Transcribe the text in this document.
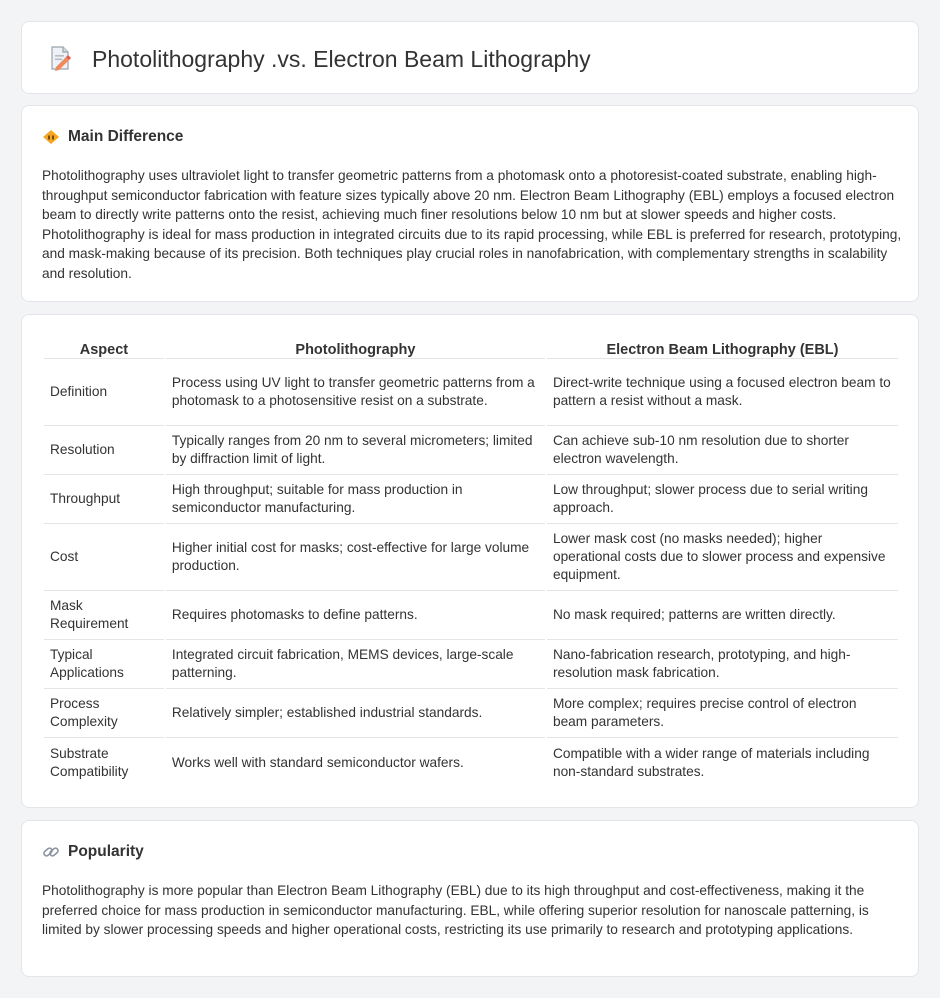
Photolithography .vs. Electron Beam Lithography
Main Difference

Photolithography uses ultraviolet light to transfer geometric patterns from a photomask onto a photoresist-coated substrate, enabling high-throughput semiconductor fabrication with feature sizes typically above 20 nm. Electron Beam Lithography (EBL) employs a focused electron beam to directly write patterns onto the resist, achieving much finer resolutions below 10 nm but at slower speeds and higher costs. Photolithography is ideal for mass production in integrated circuits due to its rapid processing, while EBL is preferred for research, prototyping, and mask-making because of its precision. Both techniques play crucial roles in nanofabrication, with complementary strengths in scalability and resolution.

Aspect	Photolithography	Electron Beam Lithography (EBL)
Definition	Process using UV light to transfer geometric patterns from a photomask to a photosensitive resist on a substrate.	Direct-write technique using a focused electron beam to pattern a resist without a mask.
Resolution	Typically ranges from 20 nm to several micrometers; limited by diffraction limit of light.	Can achieve sub-10 nm resolution due to shorter electron wavelength.
Throughput	High throughput; suitable for mass production in semiconductor manufacturing.	Low throughput; slower process due to serial writing approach.
Cost	Higher initial cost for masks; cost-effective for large volume production.	Lower mask cost (no masks needed); higher operational costs due to slower process and expensive equipment.
Mask Requirement	Requires photomasks to define patterns.	No mask required; patterns are written directly.
Typical Applications	Integrated circuit fabrication, MEMS devices, large-scale patterning.	Nano-fabrication research, prototyping, and high-resolution mask fabrication.
Process Complexity	Relatively simpler; established industrial standards.	More complex; requires precise control of electron beam parameters.
Substrate Compatibility	Works well with standard semiconductor wafers.	Compatible with a wider range of materials including non-standard substrates.
Popularity

Photolithography is more popular than Electron Beam Lithography (EBL) due to its high throughput and cost-effectiveness, making it the preferred choice for mass production in semiconductor manufacturing. EBL, while offering superior resolution for nanoscale patterning, is limited by slower processing speeds and higher operational costs, restricting its use primarily to research and prototyping applications.
